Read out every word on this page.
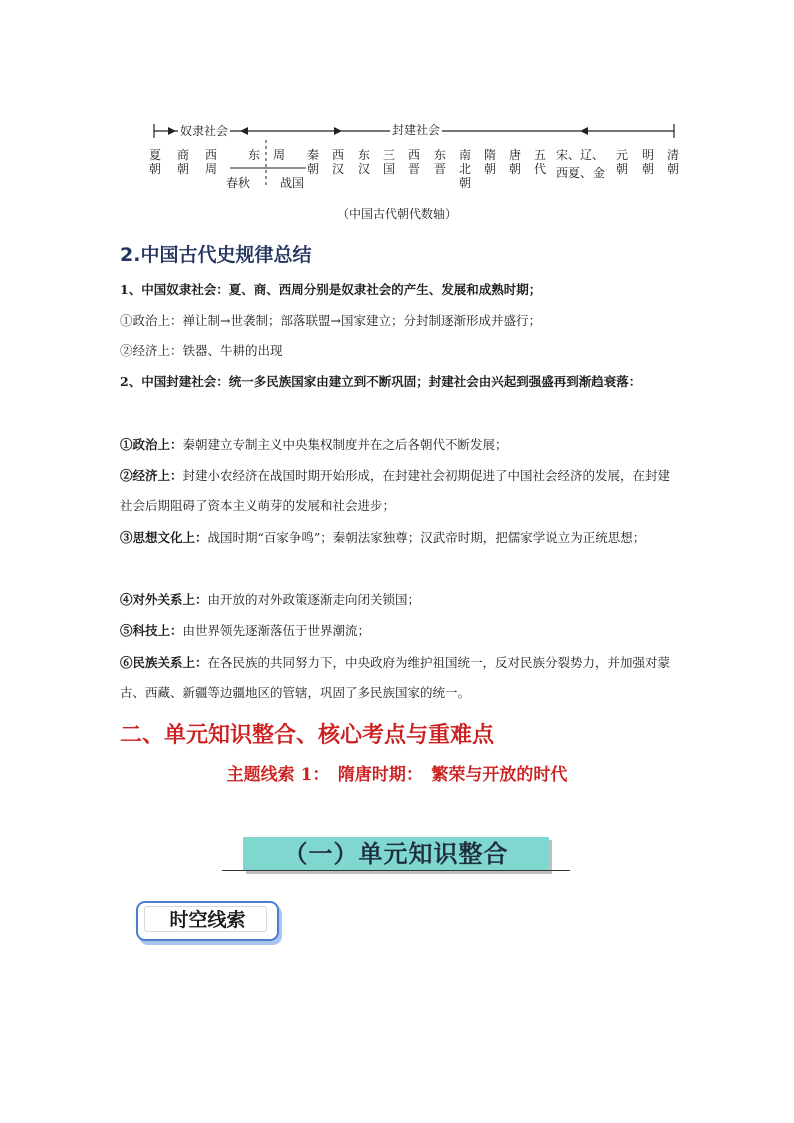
奴隶社会	封建社会
夏朝
商朝
西周
东 周 秦朝
西汉
东汉
三国
西晋
东晋
南北朝
隋朝
唐朝
五代
元朝
明朝
清朝
宋、 辽、
西夏、 金
春秋 战国
（中国古代朝代数轴）
2.中国古代史规律总结
1、中国奴隶社会：夏、商、西周分别是奴隶社会的产生、发展和成熟时期；
①政治上：禅让制→世袭制；部落联盟→国家建立；分封制逐渐形成并盛行；
②经济上：铁器、牛耕的出现
2、中国封建社会：统一多民族国家由建立到不断巩固；封建社会由兴起到强盛再到渐趋衰落：
①政治上：秦朝建立专制主义中央集权制度并在之后各朝代不断发展；
②经济上：封建小农经济在战国时期开始形成，在封建社会初期促进了中国社会经济的发展，在封建社会后期阻碍了资本主义萌芽的发展和社会进步；
③思想文化上：战国时期“百家争鸣”；秦朝法家独尊；汉武帝时期，把儒家学说立为正统思想；
④对外关系上：由开放的对外政策逐渐走向闭关锁国；
⑤科技上：由世界领先逐渐落伍于世界潮流；
⑥民族关系上：在各民族的共同努力下，中央政府为维护祖国统一，反对民族分裂势力，并加强对蒙古、西藏、新疆等边疆地区的管辖，巩固了多民族国家的统一。
二、单元知识整合、核心考点与重难点
主题线索 1：　隋唐时期：　繁荣与开放的时代
（一）单元知识整合
时空线索
